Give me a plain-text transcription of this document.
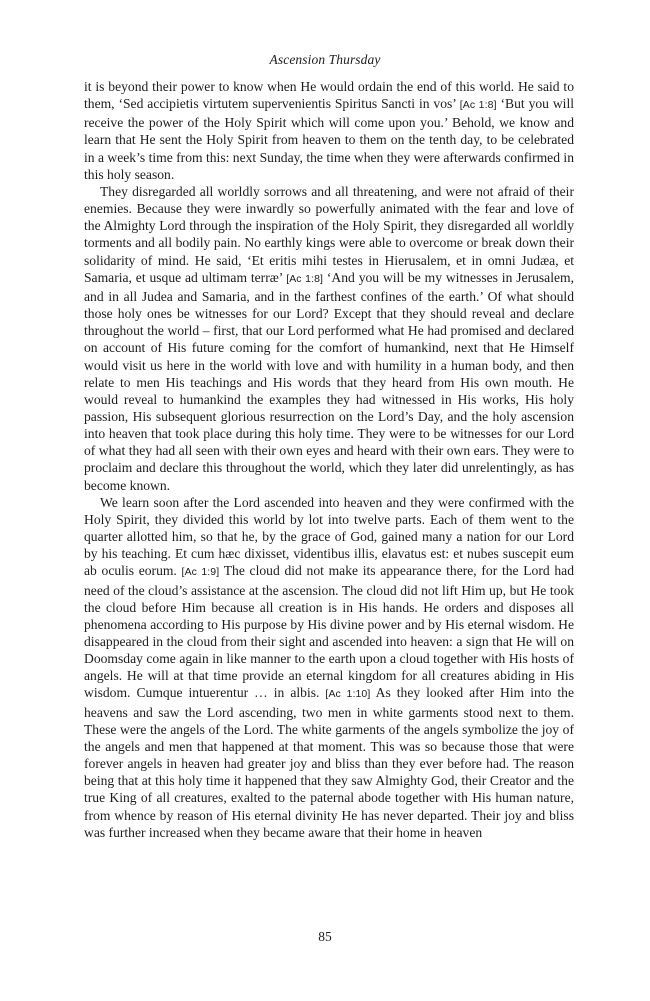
Ascension Thursday

it is beyond their power to know when He would ordain the end of this world. He said to them, ‘Sed accipietis virtutem supervenientis Spiritus Sancti in vos’ [Ac 1:8] ‘But you will receive the power of the Holy Spirit which will come upon you.’ Behold, we know and learn that He sent the Holy Spirit from heaven to them on the tenth day, to be celebrated in a week’s time from this: next Sunday, the time when they were afterwards confirmed in this holy season.

They disregarded all worldly sorrows and all threatening, and were not afraid of their enemies. Because they were inwardly so powerfully animated with the fear and love of the Almighty Lord through the inspiration of the Holy Spirit, they disregarded all worldly torments and all bodily pain. No earthly kings were able to overcome or break down their solidarity of mind. He said, ‘Et eritis mihi testes in Hierusalem, et in omni Judæa, et Samaria, et usque ad ultimam terræ’ [Ac 1:8] ‘And you will be my witnesses in Jerusalem, and in all Judea and Samaria, and in the farthest confines of the earth.’ Of what should those holy ones be witnesses for our Lord? Except that they should reveal and declare throughout the world – first, that our Lord performed what He had promised and declared on account of His future coming for the comfort of humankind, next that He Himself would visit us here in the world with love and with humility in a human body, and then relate to men His teachings and His words that they heard from His own mouth. He would reveal to humankind the examples they had witnessed in His works, His holy passion, His subsequent glorious resurrection on the Lord’s Day, and the holy ascension into heaven that took place during this holy time. They were to be witnesses for our Lord of what they had all seen with their own eyes and heard with their own ears. They were to proclaim and declare this throughout the world, which they later did unrelentingly, as has become known.

We learn soon after the Lord ascended into heaven and they were confirmed with the Holy Spirit, they divided this world by lot into twelve parts. Each of them went to the quarter allotted him, so that he, by the grace of God, gained many a nation for our Lord by his teaching. Et cum hæc dixisset, videntibus illis, elavatus est: et nubes suscepit eum ab oculis eorum. [Ac 1:9] The cloud did not make its appearance there, for the Lord had need of the cloud’s assistance at the ascension. The cloud did not lift Him up, but He took the cloud before Him because all creation is in His hands. He orders and disposes all phenomena according to His purpose by His divine power and by His eternal wisdom. He disappeared in the cloud from their sight and ascended into heaven: a sign that He will on Doomsday come again in like manner to the earth upon a cloud together with His hosts of angels. He will at that time provide an eternal kingdom for all creatures abiding in His wisdom. Cumque intuerentur … in albis. [Ac 1:10] As they looked after Him into the heavens and saw the Lord ascending, two men in white garments stood next to them. These were the angels of the Lord. The white garments of the angels symbolize the joy of the angels and men that happened at that moment. This was so because those that were forever angels in heaven had greater joy and bliss than they ever before had. The reason being that at this holy time it happened that they saw Almighty God, their Creator and the true King of all creatures, exalted to the paternal abode together with His human nature, from whence by reason of His eternal divinity He has never departed. Their joy and bliss was further increased when they became aware that their home in heaven

85
